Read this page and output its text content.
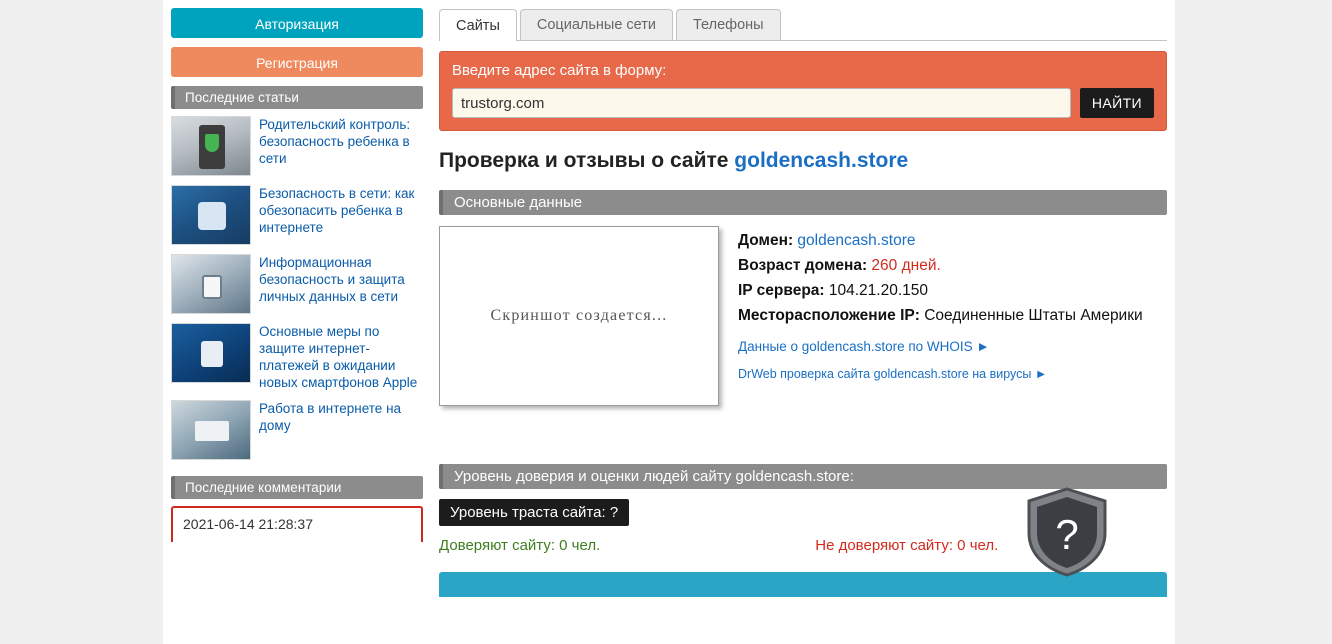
Авторизация
Регистрация
Последние статьи
Родительский контроль: безопасность ребенка в сети
Безопасность в сети: как обезопасить ребенка в интернете
Информационная безопасность и защита личных данных в сети
Основные меры по защите интернет-платежей в ожидании новых смартфонов Apple
Работа в интернете на дому
Последние комментарии
2021-06-14 21:28:37
Сайты	Социальные сети	Телефоны
Введите адрес сайта в форму:
trustorg.com
НАЙТИ
Проверка и отзывы о сайте goldencash.store
Основные данные
Скриншот создается...
Домен: goldencash.store
Возраст домена: 260 дней.
IP сервера: 104.21.20.150
Месторасположение IP: Соединенные Штаты Америки
Данные о goldencash.store по WHOIS ►
DrWeb проверка сайта goldencash.store на вирусы ►
Уровень доверия и оценки людей сайту goldencash.store:
Уровень траста сайта: ?
Доверяют сайту: 0 чел.	Не доверяют сайту: 0 чел. ?
